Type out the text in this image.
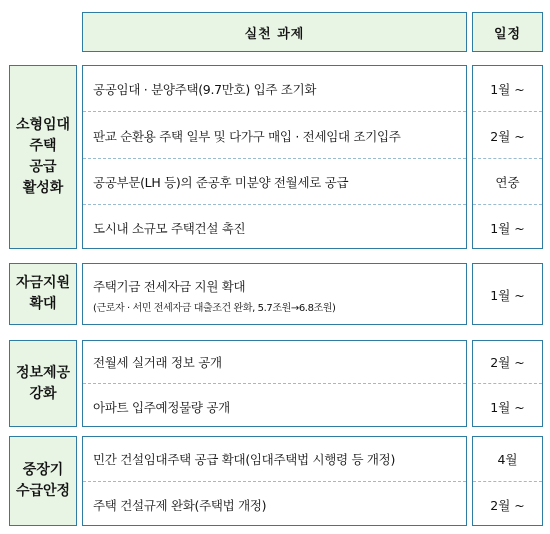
실천 과제	일정
소형임대
주택
공급
활성화
공공임대 · 분양주택(9.7만호) 입주 조기화
판교 순환용 주택 일부 및 다가구 매입 · 전세임대 조기입주
공공부문(LH 등)의 준공후 미분양 전월세로 공급
도시내 소규모 주택건설 촉진
1월 ~
2월 ~
연중
1월 ~
자금지원
확대
주택기금 전세자금 지원 확대
(근로자 · 서민 전세자금 대출조건 완화, 5.7조원→6.8조원)
1월 ~
정보제공
강화
전월세 실거래 정보 공개
아파트 입주예정물량 공개
2월 ~
1월 ~
중장기
수급안정
민간 건설임대주택 공급 확대(임대주택법 시행령 등 개정)
주택 건설규제 완화(주택법 개정)
4월
2월 ~
